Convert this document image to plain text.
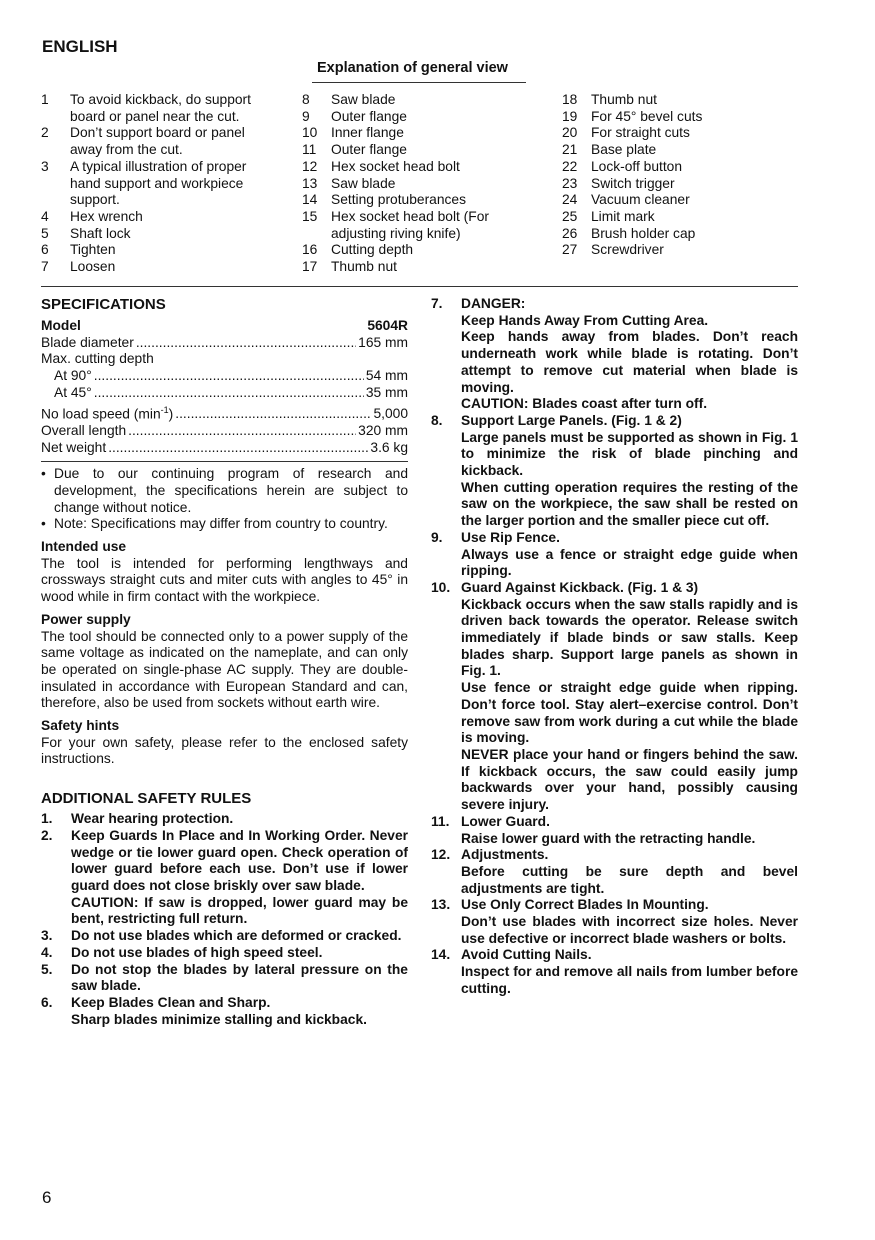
ENGLISH
Explanation of general view
1	To avoid kickback, do support board or panel near the cut.
2	Don’t support board or panel away from the cut.
3	A typical illustration of proper hand support and workpiece support.
4	Hex wrench
5	Shaft lock
6	Tighten
7	Loosen
8	Saw blade
9	Outer flange
10 Inner flange
11	Outer flange
12 Hex socket head bolt
13 Saw blade
14 Setting protuberances
15 Hex socket head bolt (For adjusting riving knife)
16 Cutting depth
17 Thumb nut
18 Thumb nut
19 For 45° bevel cuts
20 For straight cuts
21 Base plate
22 Lock-off button
23 Switch trigger
24 Vacuum cleaner
25 Limit mark
26 Brush holder cap
27 Screwdriver
SPECIFICATIONS
Model	5604R
Blade diameter .....	165 mm
Max. cutting depth
At 90° .....	54 mm
At 45° .....	35 mm
No load speed $(\min^{-1})$ .....	5,000
Overall length .....	320 mm
Net weight .....	3.6 kg
• Due to our continuing program of research and development, the specifications herein are subject to change without notice.
• Note: Specifications may differ from country to country.
Intended use
The tool is intended for performing lengthways and crossways straight cuts and miter cuts with angles to 45° in wood while in firm contact with the workpiece.
Power supply
The tool should be connected only to a power supply of the same voltage as indicated on the nameplate, and can only be operated on single-phase AC supply. They are double-insulated in accordance with European Standard and can, therefore, also be used from sockets without earth wire.
Safety hints
For your own safety, please refer to the enclosed safety instructions.
ADDITIONAL SAFETY RULES
1.	Wear hearing protection.

2.	Keep Guards In Place and In Working Order. Never wedge or tie lower guard open. Check operation of lower guard before each use. Don’t use if lower guard does not close briskly over saw blade.

CAUTION: If saw is dropped, lower guard may be bent, restricting full return.

3.	Do not use blades which are deformed or cracked.

4.	Do not use blades of high speed steel.

5.	Do not stop the blades by lateral pressure on the saw blade.

6.	Keep Blades Clean and Sharp.

Sharp blades minimize stalling and kickback.

7.	DANGER:

Keep Hands Away From Cutting Area.

Keep hands away from blades. Don’t reach underneath work while blade is rotating. Don’t attempt to remove cut material when blade is moving.

CAUTION: Blades coast after turn off.

8.	Support Large Panels. (Fig. 1 & 2)

Large panels must be supported as shown in Fig. 1 to minimize the risk of blade pinching and kickback.

When cutting operation requires the resting of the saw on the workpiece, the saw shall be rested on the larger portion and the smaller piece cut off.

9.	Use Rip Fence.

Always use a fence or straight edge guide when ripping.

10. Guard Against Kickback. (Fig. 1 & 3)

Kickback occurs when the saw stalls rapidly and is driven back towards the operator. Release switch immediately if blade binds or saw stalls. Keep blades sharp. Support large panels as shown in Fig. 1.

Use fence or straight edge guide when ripping. Don’t force tool. Stay alert–exercise control. Don’t remove saw from work during a cut while the blade is moving.

NEVER place your hand or fingers behind the saw. If kickback occurs, the saw could easily jump backwards over your hand, possibly causing severe injury.

11. Lower Guard.

Raise lower guard with the retracting handle.

12. Adjustments.

Before cutting be sure depth and bevel adjustments are tight.

13. Use Only Correct Blades In Mounting.

Don’t use blades with incorrect size holes. Never use defective or incorrect blade washers or bolts.

14. Avoid Cutting Nails.

Inspect for and remove all nails from lumber before cutting.

6
